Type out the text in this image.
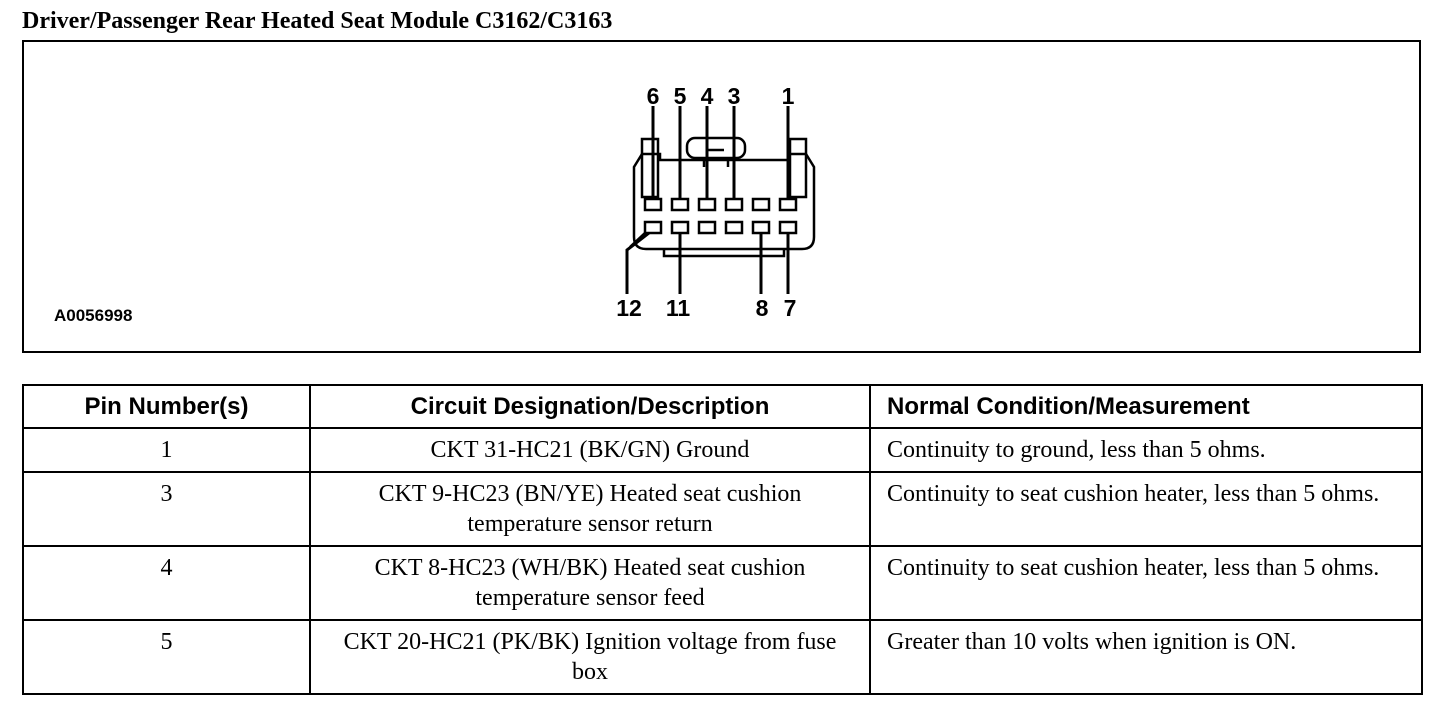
Driver/Passenger Rear Heated Seat Module C3162/C3163
6 5 4 3	1
12	11	8 7
A0056998
Pin Number(s)	Circuit Designation/Description	Normal Condition/Measurement
1	CKT 31-HC21 (BK/GN) Ground	Continuity to ground, less than 5 ohms.
3	CKT 9-HC23 (BN/YE) Heated seat cushion temperature sensor return	Continuity to seat cushion heater, less than 5 ohms.
4	CKT 8-HC23 (WH/BK) Heated seat cushion temperature sensor feed	Continuity to seat cushion heater, less than 5 ohms.
5	CKT 20-HC21 (PK/BK) Ignition voltage from fuse box	Greater than 10 volts when ignition is ON.
